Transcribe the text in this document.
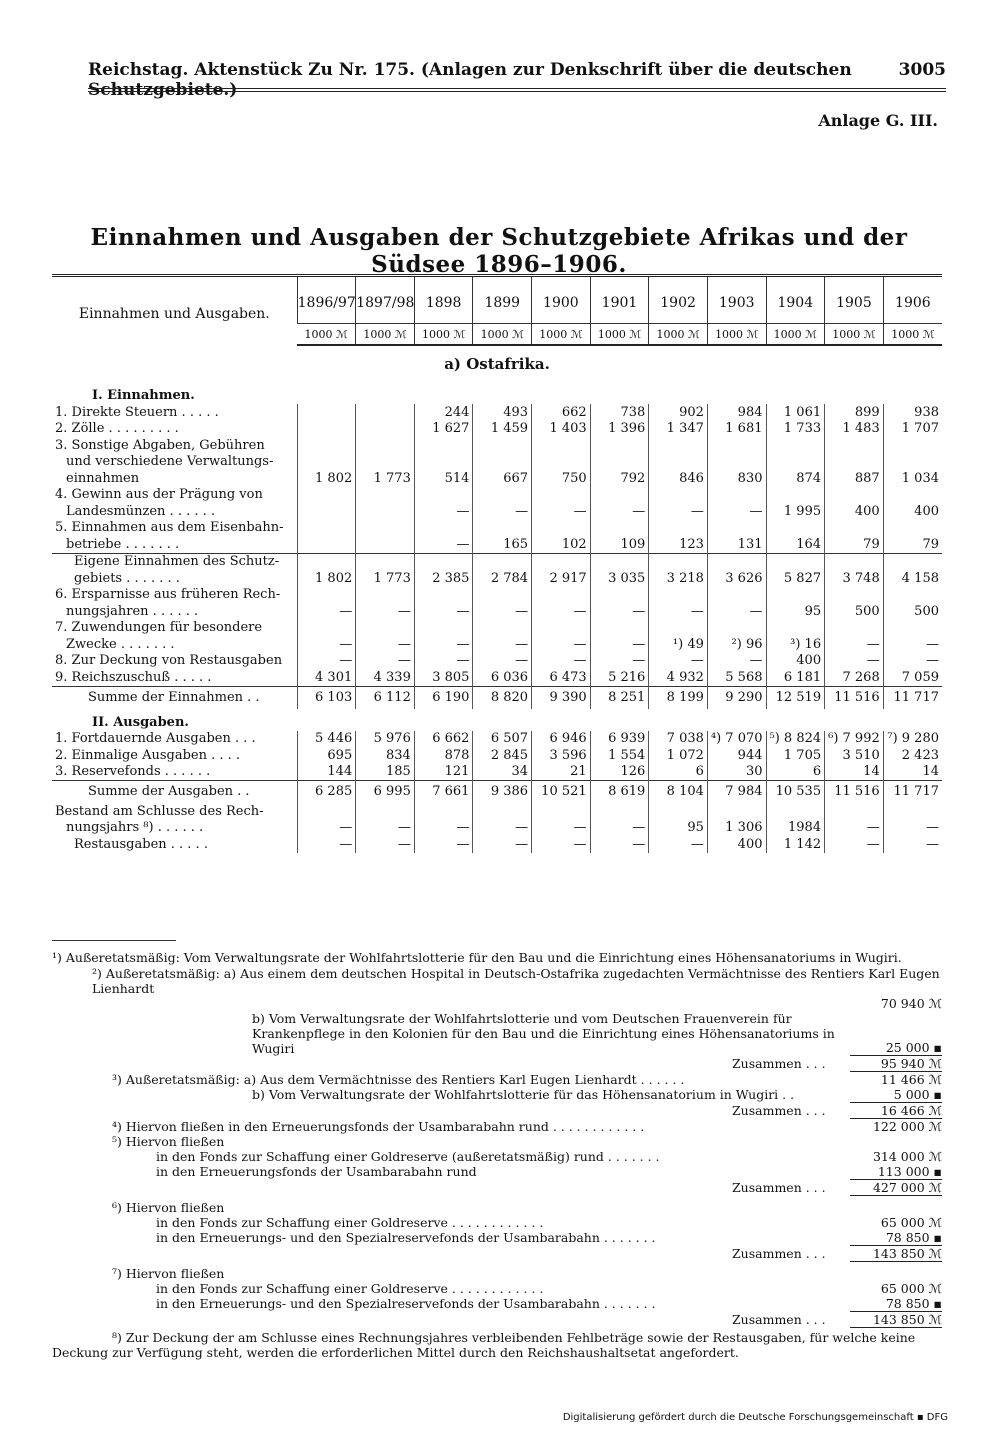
Reichstag. Aktenstück Zu Nr. 175. (Anlagen zur Denkschrift über die deutschen Schutzgebiete.)
3005
Anlage G. III.
Einnahmen und Ausgaben der Schutzgebiete Afrikas und der Südsee 1896–1906.
Einnahmen und Ausgaben.	1896/97	1897/98	1898	1899	1900	1901	1902	1903	1904	1905	1906
	1000 ℳ	1000 ℳ	1000 ℳ	1000 ℳ	1000 ℳ	1000 ℳ	1000 ℳ	1000 ℳ	1000 ℳ	1000 ℳ	1000 ℳ
a) Ostafrika.											
I. Einnahmen.											
1. Direkte Steuern . . . . .			244	493	662	738	902	984	1 061	899	938
2. Zölle . . . . . . . . .			1 627	1 459	1 403	1 396	1 347	1 681	1 733	1 483	1 707
3. Sonstige Abgaben, Gebühren											
und verschiedene Verwaltungs-											
einnahmen	1 802	1 773	514	667	750	792	846	830	874	887	1 034
4. Gewinn aus der Prägung von											
Landesmünzen . . . . . .			—	—	—	—	—	—	1 995	400	400
5. Einnahmen aus dem Eisenbahn-											
betriebe . . . . . . .			—	165	102	109	123	131	164	79	79
Eigene Einnahmen des Schutz-											
gebiets . . . . . . .	1 802	1 773	2 385	2 784	2 917	3 035	3 218	3 626	5 827	3 748	4 158
6. Ersparnisse aus früheren Rech-											
nungsjahren . . . . . .	—	—	—	—	—	—	—	—	95	500	500
7. Zuwendungen für besondere											
Zwecke . . . . . . .	—	—	—	—	—	—	¹) 49	²) 96	³) 16	—	—
8. Zur Deckung von Restausgaben	—	—	—	—	—	—	—	—	400	—	—
9. Reichszuschuß . . . . .	4 301	4 339	3 805	6 036	6 473	5 216	4 932	5 568	6 181	7 268	7 059
Summe der Einnahmen . .	6 103	6 112	6 190	8 820	9 390	8 251	8 199	9 290	12 519	11 516	11 717
II. Ausgaben.											
1. Fortdauernde Ausgaben . . .	5 446	5 976	6 662	6 507	6 946	6 939	7 038	⁴) 7 070	⁵) 8 824	⁶) 7 992	⁷) 9 280
2. Einmalige Ausgaben . . . .	695	834	878	2 845	3 596	1 554	1 072	944	1 705	3 510	2 423
3. Reservefonds . . . . . .	144	185	121	34	21	126	6	30	6	14	14
Summe der Ausgaben . .	6 285	6 995	7 661	9 386	10 521	8 619	8 104	7 984	10 535	11 516	11 717
Bestand am Schlusse des Rech-											
nungsjahrs ⁸) . . . . . .	—	—	—	—	—	—	95	1 306	1984	—	—
Restausgaben . . . . .	—	—	—	—	—	—	—	400	1 142	—	—
¹) Außeretatsmäßig: Vom Verwaltungsrate der Wohlfahrtslotterie für den Bau und die Einrichtung eines Höhensanatoriums in Wugiri.
²) Außeretatsmäßig: a) Aus einem dem deutschen Hospital in Deutsch-Ostafrika zugedachten Vermächtnisse des Rentiers Karl Eugen Lienhardt
70 940 ℳ
b) Vom Verwaltungsrate der Wohlfahrtslotterie und vom Deutschen Frauenverein für Krankenpflege in den Kolonien für den Bau und die Einrichtung eines Höhensanatoriums in Wugiri	25 000 ▪
Zusammen . . .	95 940 ℳ
³) Außeretatsmäßig: a) Aus dem Vermächtnisse des Rentiers Karl Eugen Lienhardt . . . . . .	11 466 ℳ
b) Vom Verwaltungsrate der Wohlfahrtslotterie für das Höhensanatorium in Wugiri . .	5 000 ▪
Zusammen . . .	16 466 ℳ
⁴) Hiervon fließen in den Erneuerungsfonds der Usambarabahn rund . . . . . . . . . . . .	122 000 ℳ
⁵) Hiervon fließen
in den Fonds zur Schaffung einer Goldreserve (außeretatsmäßig) rund . . . . . . .	314 000 ℳ
in den Erneuerungsfonds der Usambarabahn rund	113 000 ▪
Zusammen . . .	427 000 ℳ
⁶) Hiervon fließen
in den Fonds zur Schaffung einer Goldreserve . . . . . . . . . . . .	65 000 ℳ
in den Erneuerungs- und den Spezialreservefonds der Usambarabahn . . . . . . .	78 850 ▪
Zusammen . . .	143 850 ℳ
⁷) Hiervon fließen
in den Fonds zur Schaffung einer Goldreserve . . . . . . . . . . . .	65 000 ℳ
in den Erneuerungs- und den Spezialreservefonds der Usambarabahn . . . . . . .	78 850 ▪
Zusammen . . .	143 850 ℳ
⁸) Zur Deckung der am Schlusse eines Rechnungsjahres verbleibenden Fehlbeträge sowie der Restausgaben, für welche keine Deckung zur Verfügung steht, werden die erforderlichen Mittel durch den Reichshaushaltsetat angefordert.
Digitalisierung gefördert durch die Deutsche Forschungsgemeinschaft ▪ DFG
